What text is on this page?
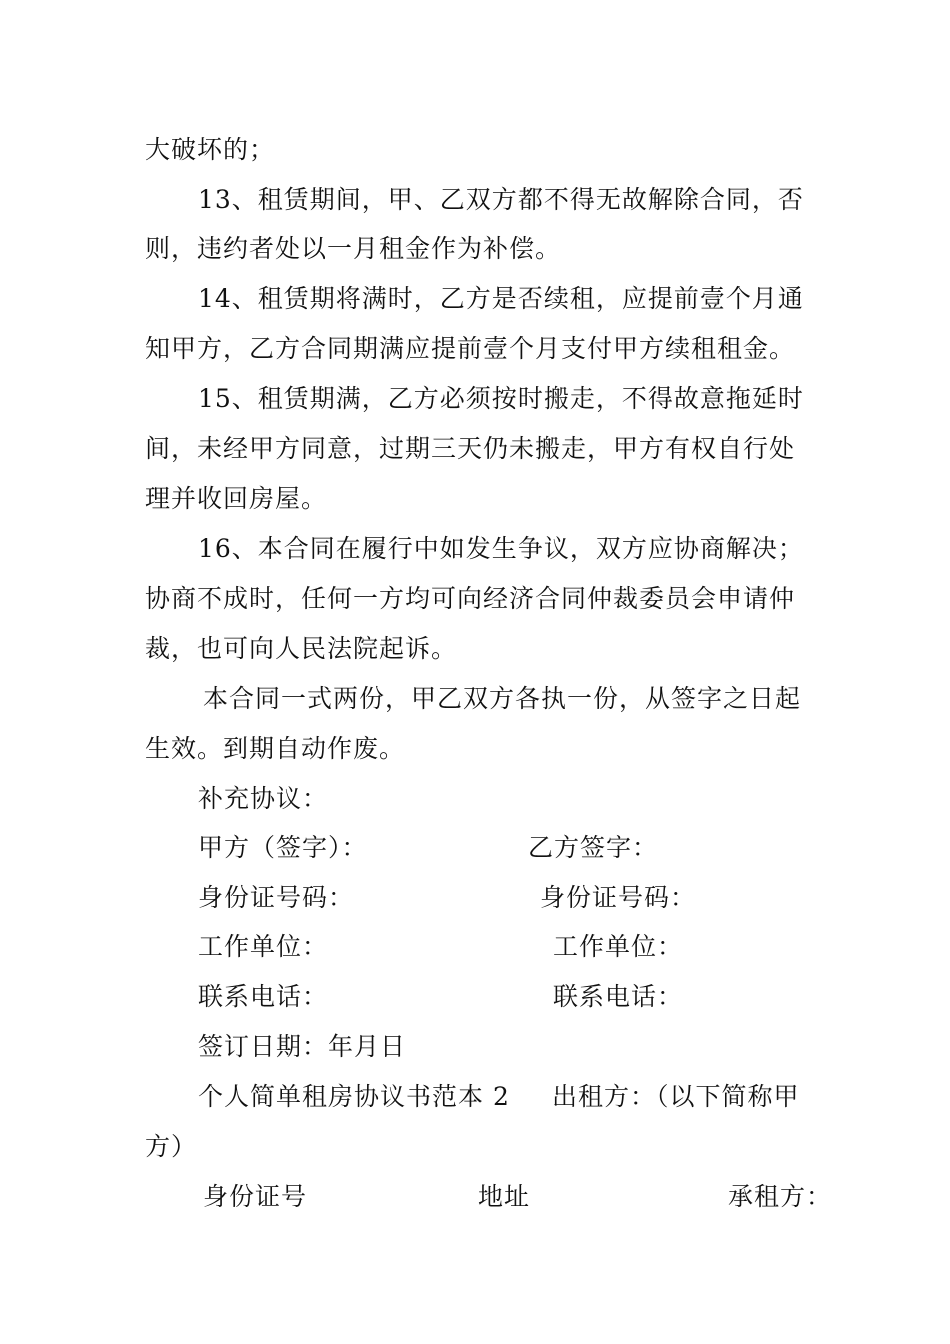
大破坏的；
13、租赁期间，甲、乙双方都不得无故解除合同，否
则，违约者处以一月租金作为补偿。
14、租赁期将满时，乙方是否续租，应提前壹个月通
知甲方，乙方合同期满应提前壹个月支付甲方续租租金。
15、租赁期满，乙方必须按时搬走，不得故意拖延时
间，未经甲方同意，过期三天仍未搬走，甲方有权自行处
理并收回房屋。
16、本合同在履行中如发生争议，双方应协商解决；
协商不成时，任何一方均可向经济合同仲裁委员会申请仲
裁，也可向人民法院起诉。
本合同一式两份，甲乙双方各执一份，从签字之日起
生效。到期自动作废。
补充协议：
甲方（签字）：	乙方签字：
身份证号码：	身份证号码：
工作单位：	工作单位：
联系电话：	联系电话：
签订日期：年月日
个人简单租房协议书范本 2 出租方：（以下简称甲
方）
身份证号	地址	承租方：
